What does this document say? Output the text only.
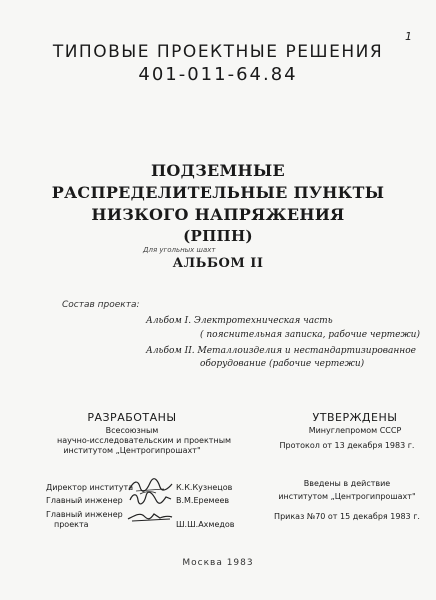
1
ТИПОВЫЕ ПРОЕКТНЫЕ РЕШЕНИЯ
401-011-64.84
ПОДЗЕМНЫЕ
РАСПРЕДЕЛИТЕЛЬНЫЕ ПУНКТЫ
НИЗКОГО НАПРЯЖЕНИЯ
(РППН)
Для угольных шахт
АЛЬБОМ II
Состав проекта:
Альбом I. Электротехническая часть
( пояснительная записка, рабочие чертежи)
Альбом II. Металлоизделия и нестандартизированное
оборудование (рабочие чертежи)
РАЗРАБОТАНЫ
Всесоюзным
научно-исследовательским и проектным
институтом „Центрогипрошахт"
УТВЕРЖДЕНЫ
Минуглепромом СССР
Протокол от 13 декабря 1983 г.
Директор института	К.К.Кузнецов
Главный инженер	В.М.Еремеев
Главный инженер
проекта	Ш.Ш.Ахмедов
Введены в действие
институтом „Центрогипрошахт"
Приказ №70 от 15 декабря 1983 г.
Москва 1983
